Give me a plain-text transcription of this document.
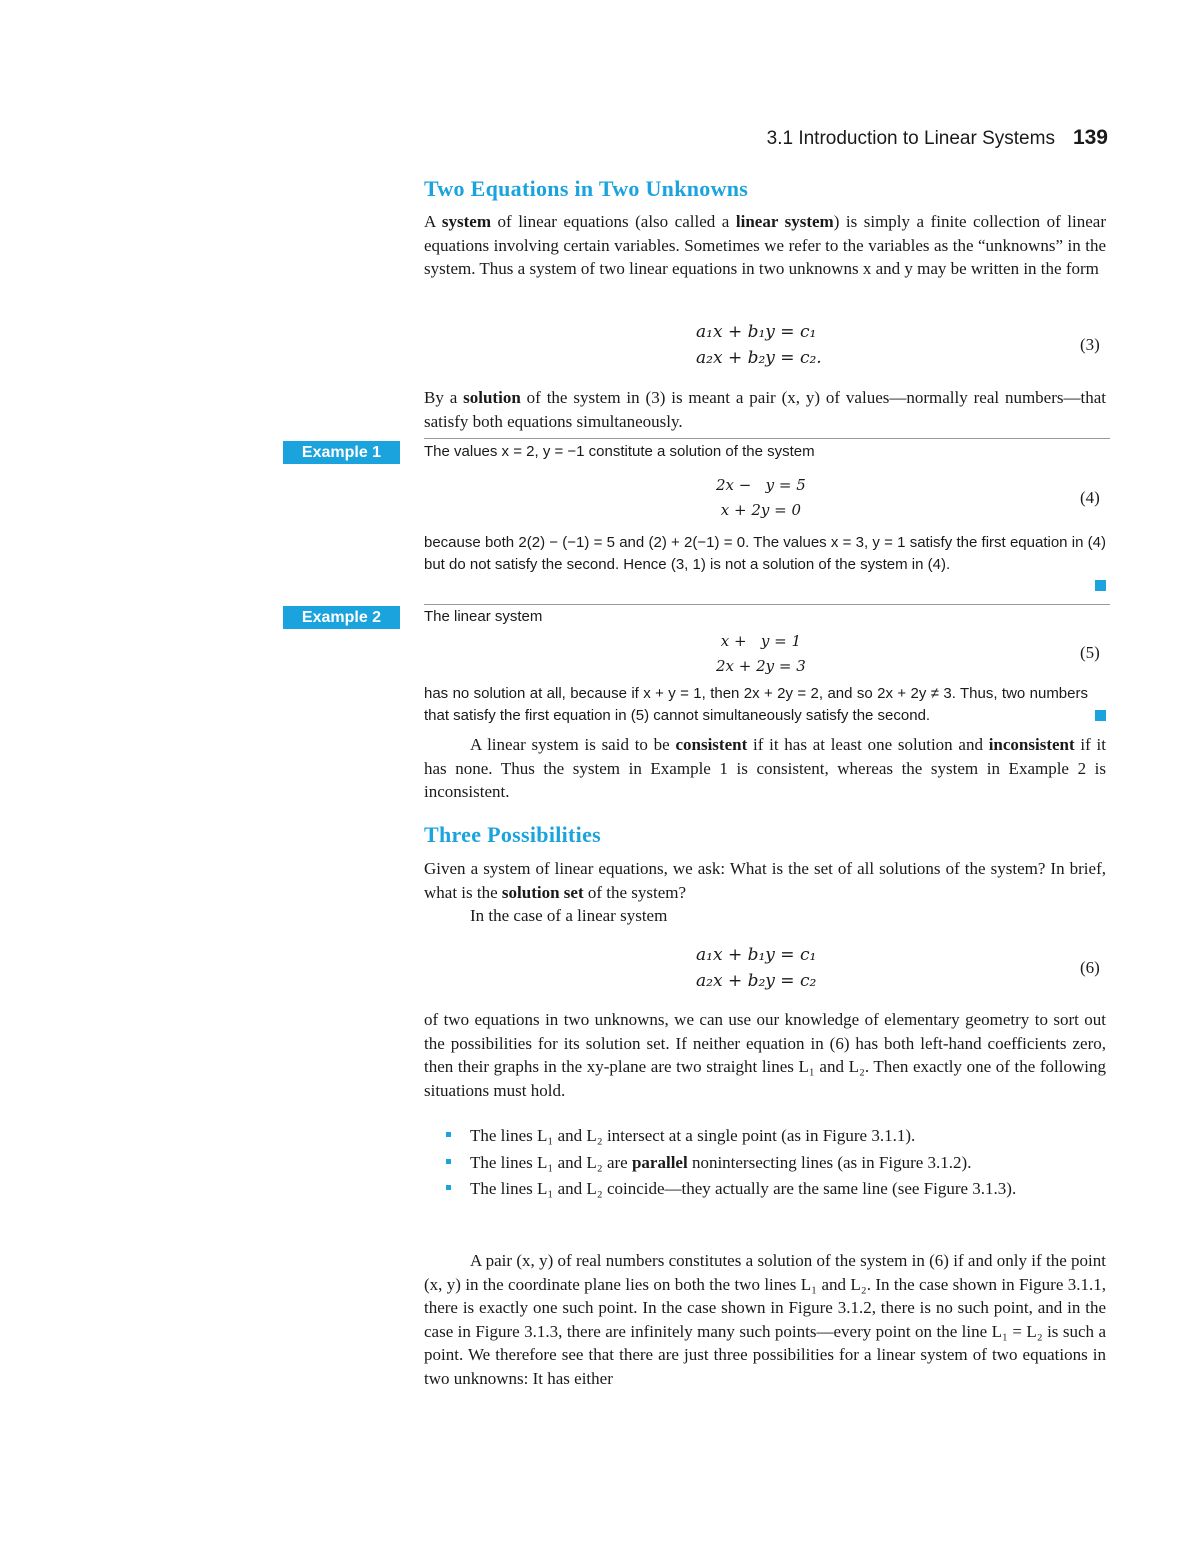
3.1 Introduction to Linear Systems 139
Two Equations in Two Unknowns

A system of linear equations (also called a linear system) is simply a finite collection of linear equations involving certain variables. Sometimes we refer to the variables as the “unknowns” in the system. Thus a system of two linear equations in two unknowns x and y may be written in the form

a₁x + b₁y = c₁
a₂x + b₂y = c₂.
(3)

By a solution of the system in (3) is meant a pair (x, y) of values—normally real numbers—that satisfy both equations simultaneously.

Example 1	The values x = 2, y = −1 constitute a solution of the system
2x −   y = 5
x + 2y = 0
(4)

because both 2(2) − (−1) = 5 and (2) + 2(−1) = 0. The values x = 3, y = 1 satisfy the first equation in (4) but do not satisfy the second. Hence (3, 1) is not a solution of the system in (4).

Example 2	The linear system
x +   y = 1
2x + 2y = 3
(5)

has no solution at all, because if x + y = 1, then 2x + 2y = 2, and so 2x + 2y ≠ 3. Thus, two numbers that satisfy the first equation in (5) cannot simultaneously satisfy the second.

A linear system is said to be consistent if it has at least one solution and inconsistent if it has none. Thus the system in Example 1 is consistent, whereas the system in Example 2 is inconsistent.

Three Possibilities

Given a system of linear equations, we ask: What is the set of all solutions of the system? In brief, what is the solution set of the system?

In the case of a linear system

a₁x + b₁y = c₁
a₂x + b₂y = c₂
(6)

of two equations in two unknowns, we can use our knowledge of elementary geometry to sort out the possibilities for its solution set. If neither equation in (6) has both left-hand coefficients zero, then their graphs in the xy-plane are two straight lines L₁ and L₂. Then exactly one of the following situations must hold.

The lines L₁ and L₂ intersect at a single point (as in Figure 3.1.1).
The lines L₁ and L₂ are parallel nonintersecting lines (as in Figure 3.1.2).
The lines L₁ and L₂ coincide—they actually are the same line (see Figure 3.1.3).

A pair (x, y) of real numbers constitutes a solution of the system in (6) if and only if the point (x, y) in the coordinate plane lies on both the two lines L₁ and L₂. In the case shown in Figure 3.1.1, there is exactly one such point. In the case shown in Figure 3.1.2, there is no such point, and in the case in Figure 3.1.3, there are infinitely many such points—every point on the line L₁ = L₂ is such a point. We therefore see that there are just three possibilities for a linear system of two equations in two unknowns: It has either
